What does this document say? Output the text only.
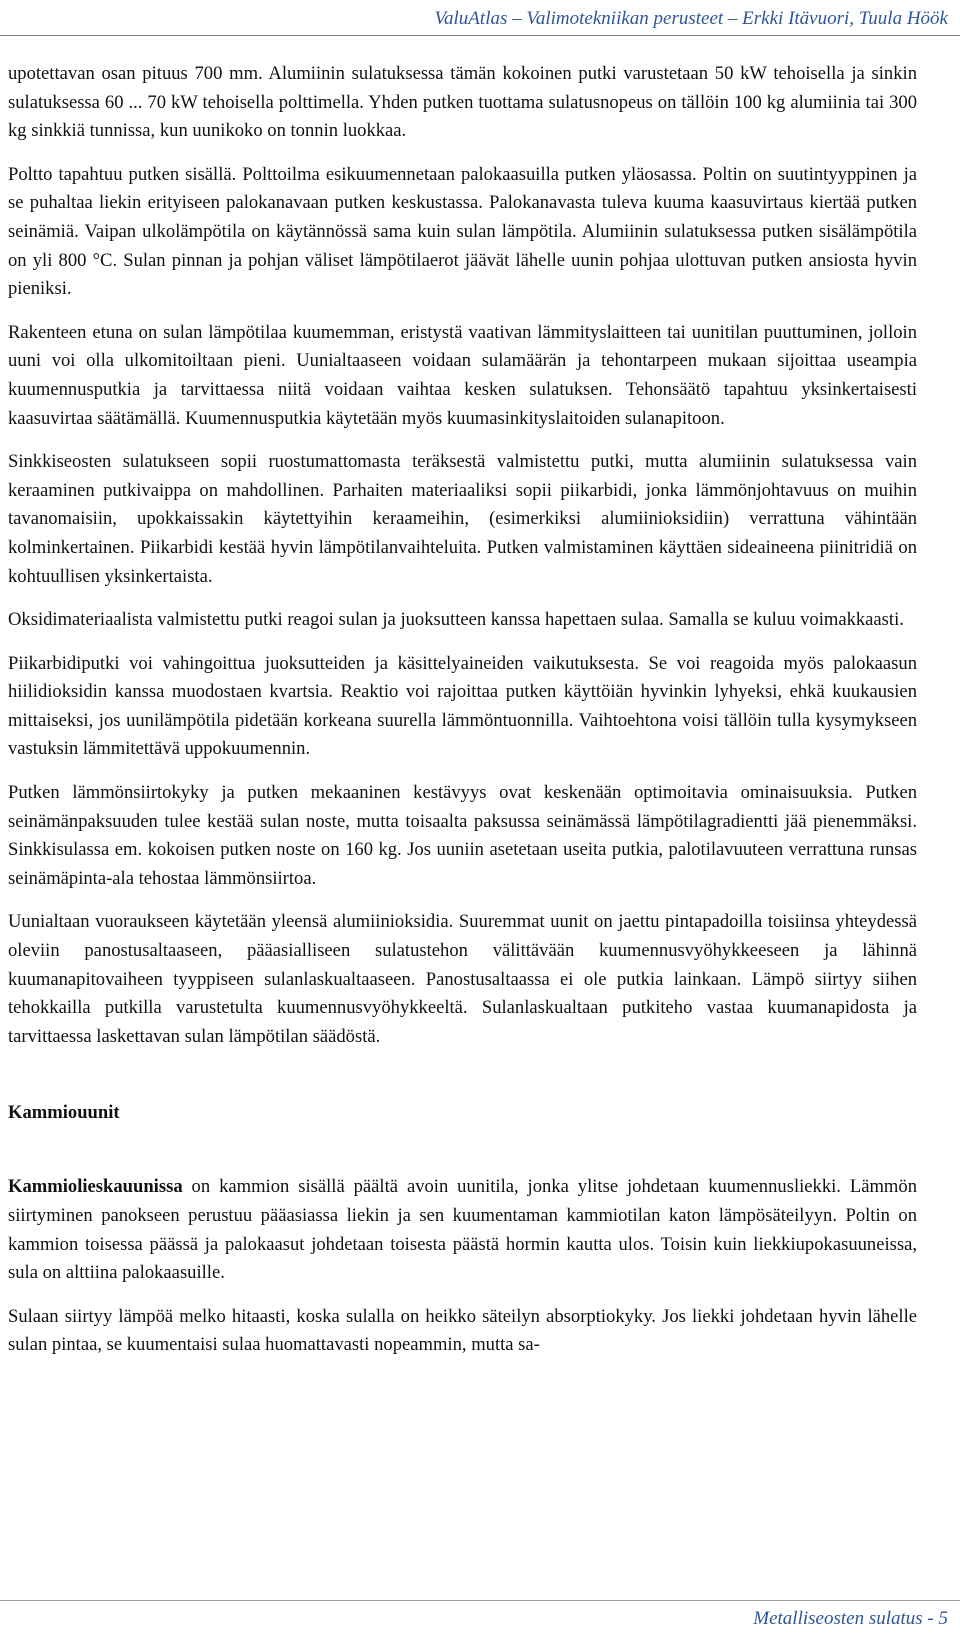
ValuAtlas – Valimotekniikan perusteet – Erkki Itävuori, Tuula Höök

upotettavan osan pituus 700 mm. Alumiinin sulatuksessa tämän kokoinen putki varustetaan 50 kW tehoisella ja sinkin sulatuksessa 60 ... 70 kW tehoisella polttimella. Yhden putken tuottama sulatusnopeus on tällöin 100 kg alumiinia tai 300 kg sinkkiä tunnissa, kun uunikoko on tonnin luokkaa.

Poltto tapahtuu putken sisällä. Polttoilma esikuumennetaan palokaasuilla putken yläosassa. Poltin on suutintyyppinen ja se puhaltaa liekin erityiseen palokanavaan putken keskustassa. Palokanavasta tuleva kuuma kaasuvirtaus kiertää putken seinämiä. Vaipan ulkolämpötila on käytännössä sama kuin sulan lämpötila. Alumiinin sulatuksessa putken sisälämpötila on yli 800 °C. Sulan pinnan ja pohjan väliset lämpötilaerot jäävät lähelle uunin pohjaa ulottuvan putken ansiosta hyvin pieniksi.

Rakenteen etuna on sulan lämpötilaa kuumemman, eristystä vaativan lämmityslaitteen tai uunitilan puuttuminen, jolloin uuni voi olla ulkomitoiltaan pieni. Uunialtaaseen voidaan sulamäärän ja tehontarpeen mukaan sijoittaa useampia kuumennusputkia ja tarvittaessa niitä voidaan vaihtaa kesken sulatuksen. Tehonsäätö tapahtuu yksinkertaisesti kaasuvirtaa säätämällä. Kuumennusputkia käytetään myös kuumasinkityslaitoiden sulanapitoon.

Sinkkiseosten sulatukseen sopii ruostumattomasta teräksestä valmistettu putki, mutta alumiinin sulatuksessa vain keraaminen putkivaippa on mahdollinen. Parhaiten materiaaliksi sopii piikarbidi, jonka lämmönjohtavuus on muihin tavanomaisiin, upokkaissakin käytettyihin keraameihin, (esimerkiksi alumiinioksidiin) verrattuna vähintään kolminkertainen. Piikarbidi kestää hyvin lämpötilanvaihteluita. Putken valmistaminen käyttäen sideaineena piinitridiä on kohtuullisen yksinkertaista.

Oksidimateriaalista valmistettu putki reagoi sulan ja juoksutteen kanssa hapettaen sulaa. Samalla se kuluu voimakkaasti.

Piikarbidiputki voi vahingoittua juoksutteiden ja käsittelyaineiden vaikutuksesta. Se voi reagoida myös palokaasun hiilidioksidin kanssa muodostaen kvartsia. Reaktio voi rajoittaa putken käyttöiän hyvinkin lyhyeksi, ehkä kuukausien mittaiseksi, jos uunilämpötila pidetään korkeana suurella lämmöntuonnilla. Vaihtoehtona voisi tällöin tulla kysymykseen vastuksin lämmitettävä uppokuumennin.

Putken lämmönsiirtokyky ja putken mekaaninen kestävyys ovat keskenään optimoitavia ominaisuuksia. Putken seinämänpaksuuden tulee kestää sulan noste, mutta toisaalta paksussa seinämässä lämpötilagradientti jää pienemmäksi. Sinkkisulassa em. kokoisen putken noste on 160 kg. Jos uuniin asetetaan useita putkia, palotilavuuteen verrattuna runsas seinämäpinta-ala tehostaa lämmönsiirtoa.

Uunialtaan vuoraukseen käytetään yleensä alumiinioksidia. Suuremmat uunit on jaettu pintapadoilla toisiinsa yhteydessä oleviin panostusaltaaseen, pääasialliseen sulatustehon välittävään kuumennusvyöhykkeeseen ja lähinnä kuumanapitovaiheen tyyppiseen sulanlaskualtaaseen. Panostusaltaassa ei ole putkia lainkaan. Lämpö siirtyy siihen tehokkailla putkilla varustetulta kuumennusvyöhykkeeltä. Sulanlaskualtaan putkiteho vastaa kuumanapidosta ja tarvittaessa laskettavan sulan lämpötilan säädöstä.

Kammiouunit

Kammiolieskauunissa on kammion sisällä päältä avoin uunitila, jonka ylitse johdetaan kuumennusliekki. Lämmön siirtyminen panokseen perustuu pääasiassa liekin ja sen kuumentaman kammiotilan katon lämpösäteilyyn. Poltin on kammion toisessa päässä ja palokaasut johdetaan toisesta päästä hormin kautta ulos. Toisin kuin liekkiupokasuuneissa, sula on alttiina palokaasuille.

Sulaan siirtyy lämpöä melko hitaasti, koska sulalla on heikko säteilyn absorptiokyky. Jos liekki johdetaan hyvin lähelle sulan pintaa, se kuumentaisi sulaa huomattavasti nopeammin, mutta sa-

Metalliseosten sulatus - 5
